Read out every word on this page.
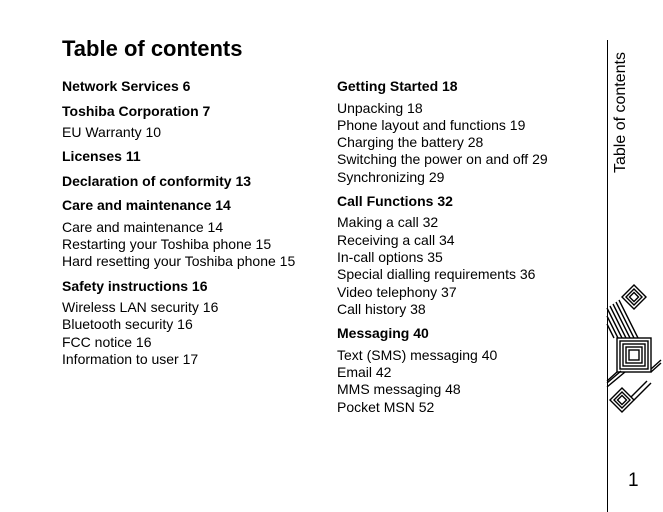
Table of contents
Network Services 6
Toshiba Corporation 7
EU Warranty 10
Licenses 11
Declaration of conformity 13
Care and maintenance 14
Care and maintenance 14
Restarting your Toshiba phone 15
Hard resetting your Toshiba phone 15
Safety instructions 16
Wireless LAN security 16
Bluetooth security 16
FCC notice 16
Information to user 17
Getting Started 18
Unpacking 18
Phone layout and functions 19
Charging the battery 28
Switching the power on and off 29
Synchronizing 29
Call Functions 32
Making a call 32
Receiving a call 34
In-call options 35
Special dialling requirements 36
Video telephony 37
Call history 38
Messaging 40
Text (SMS) messaging 40
Email 42
MMS messaging 48
Pocket MSN 52
Table of contents
1
